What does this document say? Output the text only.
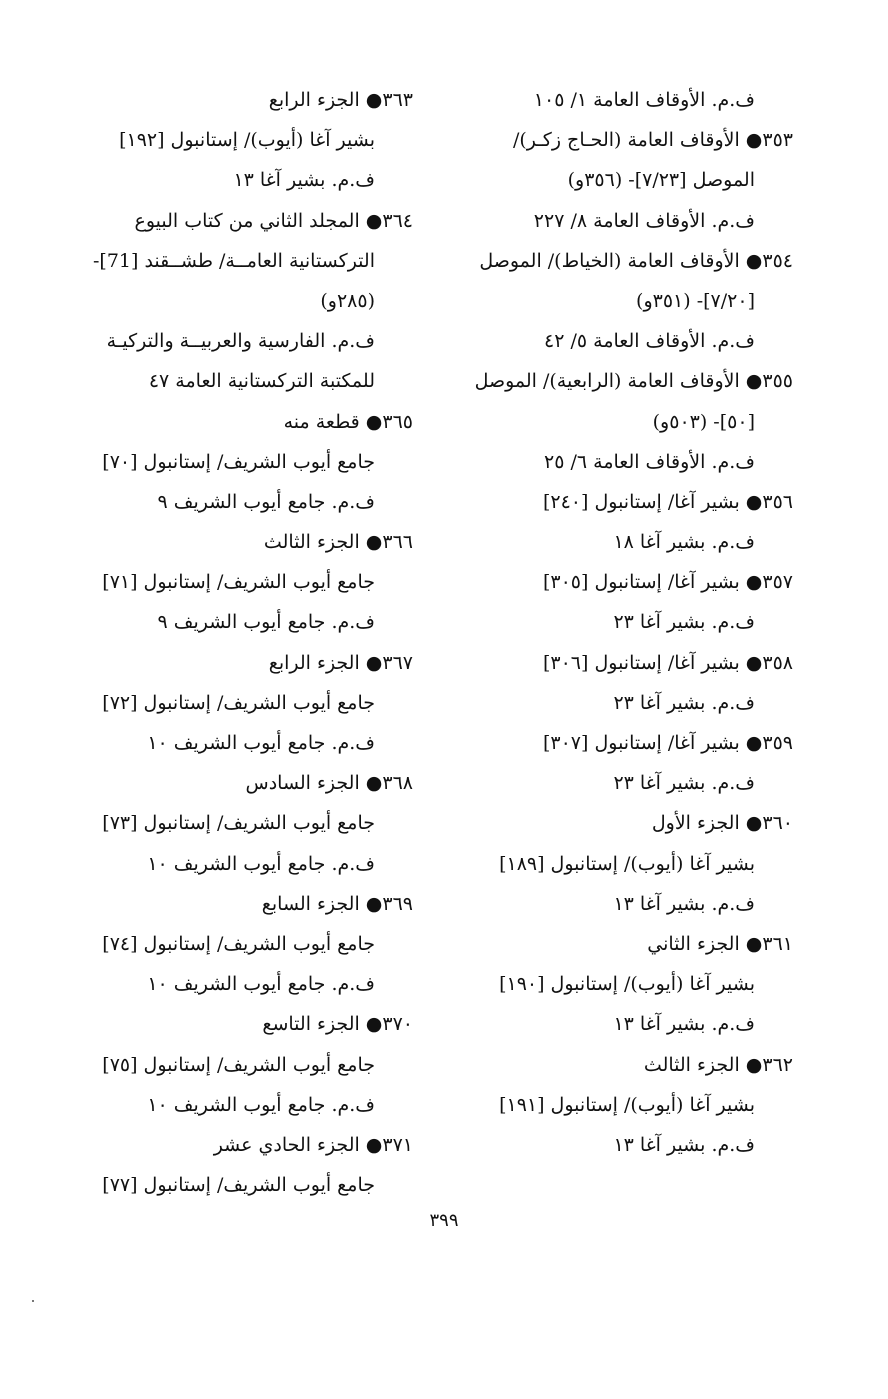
ف.م. الأوقاف العامة ١/ ١٠٥
٣٥٣● الأوقاف العامة (الحـاج زكـر)/
الموصل [٧/٢٣]- (٣٥٦و)
ف.م. الأوقاف العامة ٨/ ٢٢٧
٣٥٤● الأوقاف العامة (الخياط)/ الموصل
[٧/٢٠]- (٣٥١و)
ف.م. الأوقاف العامة ٥/ ٤٢
٣٥٥● الأوقاف العامة (الرابعية)/ الموصل
[٥٠]- (٥٠٣و)
ف.م. الأوقاف العامة ٦/ ٢٥
٣٥٦● بشير آغا/ إستانبول [٢٤٠]
ف.م. بشير آغا ١٨
٣٥٧● بشير آغا/ إستانبول [٣٠٥]
ف.م. بشير آغا ٢٣
٣٥٨● بشير آغا/ إستانبول [٣٠٦]
ف.م. بشير آغا ٢٣
٣٥٩● بشير آغا/ إستانبول [٣٠٧]
ف.م. بشير آغا ٢٣
٣٦٠● الجزء الأول
بشير آغا (أيوب)/ إستانبول [١٨٩]
ف.م. بشير آغا ١٣
٣٦١● الجزء الثاني
بشير آغا (أيوب)/ إستانبول [١٩٠]
ف.م. بشير آغا ١٣
٣٦٢● الجزء الثالث
بشير آغا (أيوب)/ إستانبول [١٩١]
ف.م. بشير آغا ١٣
٣٦٣● الجزء الرابع
بشير آغا (أيوب)/ إستانبول [١٩٢]
ف.م. بشير آغا ١٣
٣٦٤● المجلد الثاني من كتاب البيوع
التركستانية العامــة/ طشــقند [71]-
(٢٨٥و)
ف.م. الفارسية والعربيــة والتركيـة
للمكتبة التركستانية العامة ٤٧
٣٦٥● قطعة منه
جامع أيوب الشريف/ إستانبول [٧٠]
ف.م. جامع أيوب الشريف ٩
٣٦٦● الجزء الثالث
جامع أيوب الشريف/ إستانبول [٧١]
ف.م. جامع أيوب الشريف ٩
٣٦٧● الجزء الرابع
جامع أيوب الشريف/ إستانبول [٧٢]
ف.م. جامع أيوب الشريف ١٠
٣٦٨● الجزء السادس
جامع أيوب الشريف/ إستانبول [٧٣]
ف.م. جامع أيوب الشريف ١٠
٣٦٩● الجزء السابع
جامع أيوب الشريف/ إستانبول [٧٤]
ف.م. جامع أيوب الشريف ١٠
٣٧٠● الجزء التاسع
جامع أيوب الشريف/ إستانبول [٧٥]
ف.م. جامع أيوب الشريف ١٠
٣٧١● الجزء الحادي عشر
جامع أيوب الشريف/ إستانبول [٧٧]
٣٩٩
